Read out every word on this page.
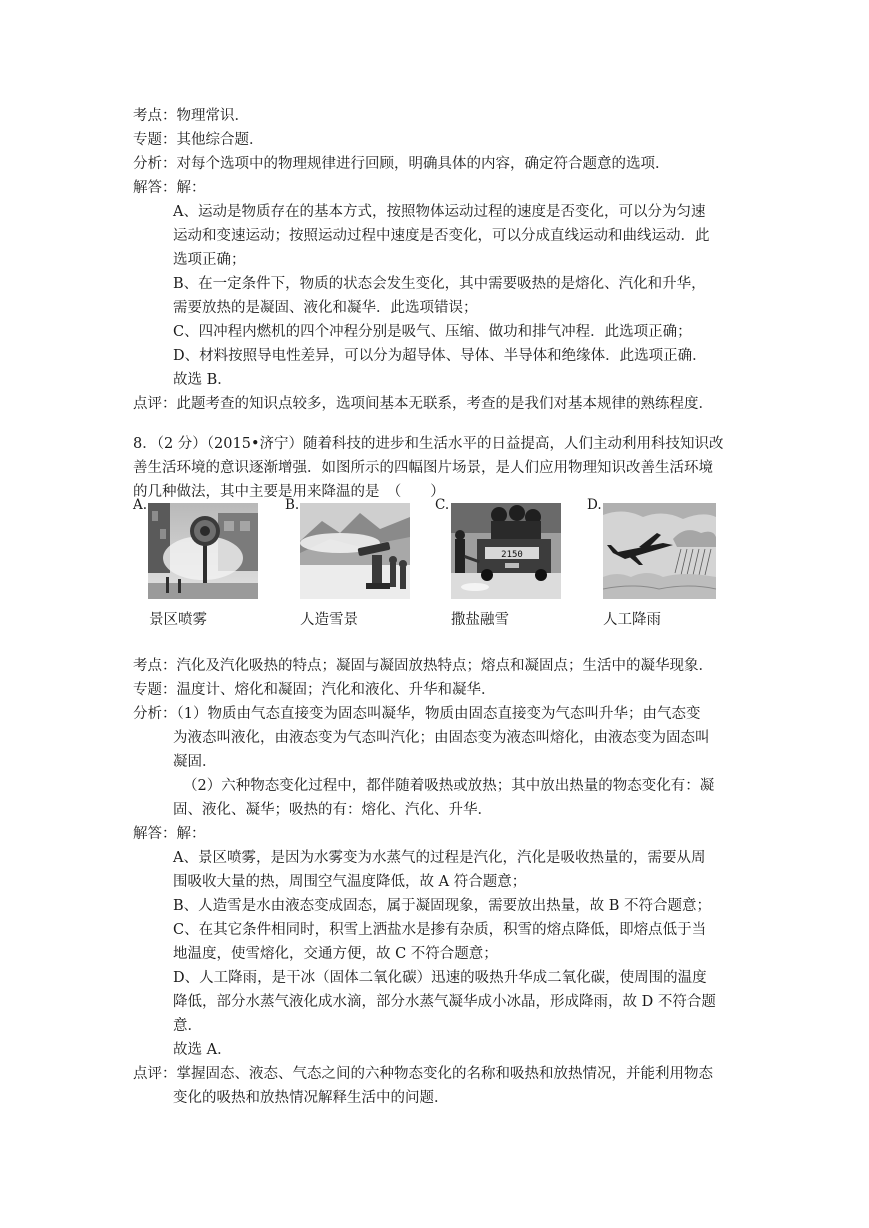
考点：物理常识．
专题：其他综合题．
分析：对每个选项中的物理规律进行回顾，明确具体的内容，确定符合题意的选项．
解答：解：
A、运动是物质存在的基本方式，按照物体运动过程的速度是否变化，可以分为匀速
运动和变速运动；按照运动过程中速度是否变化，可以分成直线运动和曲线运动．此
选项正确；
B、在一定条件下，物质的状态会发生变化，其中需要吸热的是熔化、汽化和升华，
需要放热的是凝固、液化和凝华．此选项错误；
C、四冲程内燃机的四个冲程分别是吸气、压缩、做功和排气冲程．此选项正确；
D、材料按照导电性差异，可以分为超导体、导体、半导体和绝缘体．此选项正确．
故选 B．
点评：此题考查的知识点较多，选项间基本无联系，考查的是我们对基本规律的熟练程度．
8．（2 分）（2015•济宁）随着科技的进步和生活水平的日益提高，人们主动利用科技知识改
善生活环境的意识逐渐增强．如图所示的四幅图片场景，是人们应用物理知识改善生活环境
的几种做法，其中主要是用来降温的是　（　　）
A.	B.	C.	D.
2150
景区喷雾	人造雪景	撒盐融雪	人工降雨
考点：汽化及汽化吸热的特点；凝固与凝固放热特点；熔点和凝固点；生活中的凝华现象．
专题：温度计、熔化和凝固；汽化和液化、升华和凝华．
分析：（1）物质由气态直接变为固态叫凝华，物质由固态直接变为气态叫升华；由气态变
为液态叫液化，由液态变为气态叫汽化；由固态变为液态叫熔化，由液态变为固态叫
凝固．
（2）六种物态变化过程中，都伴随着吸热或放热；其中放出热量的物态变化有：凝
固、液化、凝华；吸热的有：熔化、汽化、升华．
解答：解：
A、景区喷雾，是因为水雾变为水蒸气的过程是汽化，汽化是吸收热量的，需要从周
围吸收大量的热，周围空气温度降低，故 A 符合题意；
B、人造雪是水由液态变成固态，属于凝固现象，需要放出热量，故 B 不符合题意；
C、在其它条件相同时，积雪上洒盐水是掺有杂质，积雪的熔点降低，即熔点低于当
地温度，使雪熔化，交通方便，故 C 不符合题意；
D、人工降雨，是干冰（固体二氧化碳）迅速的吸热升华成二氧化碳，使周围的温度
降低，部分水蒸气液化成水滴，部分水蒸气凝华成小冰晶，形成降雨，故 D 不符合题
意．
故选 A．
点评：掌握固态、液态、气态之间的六种物态变化的名称和吸热和放热情况，并能利用物态
变化的吸热和放热情况解释生活中的问题．
